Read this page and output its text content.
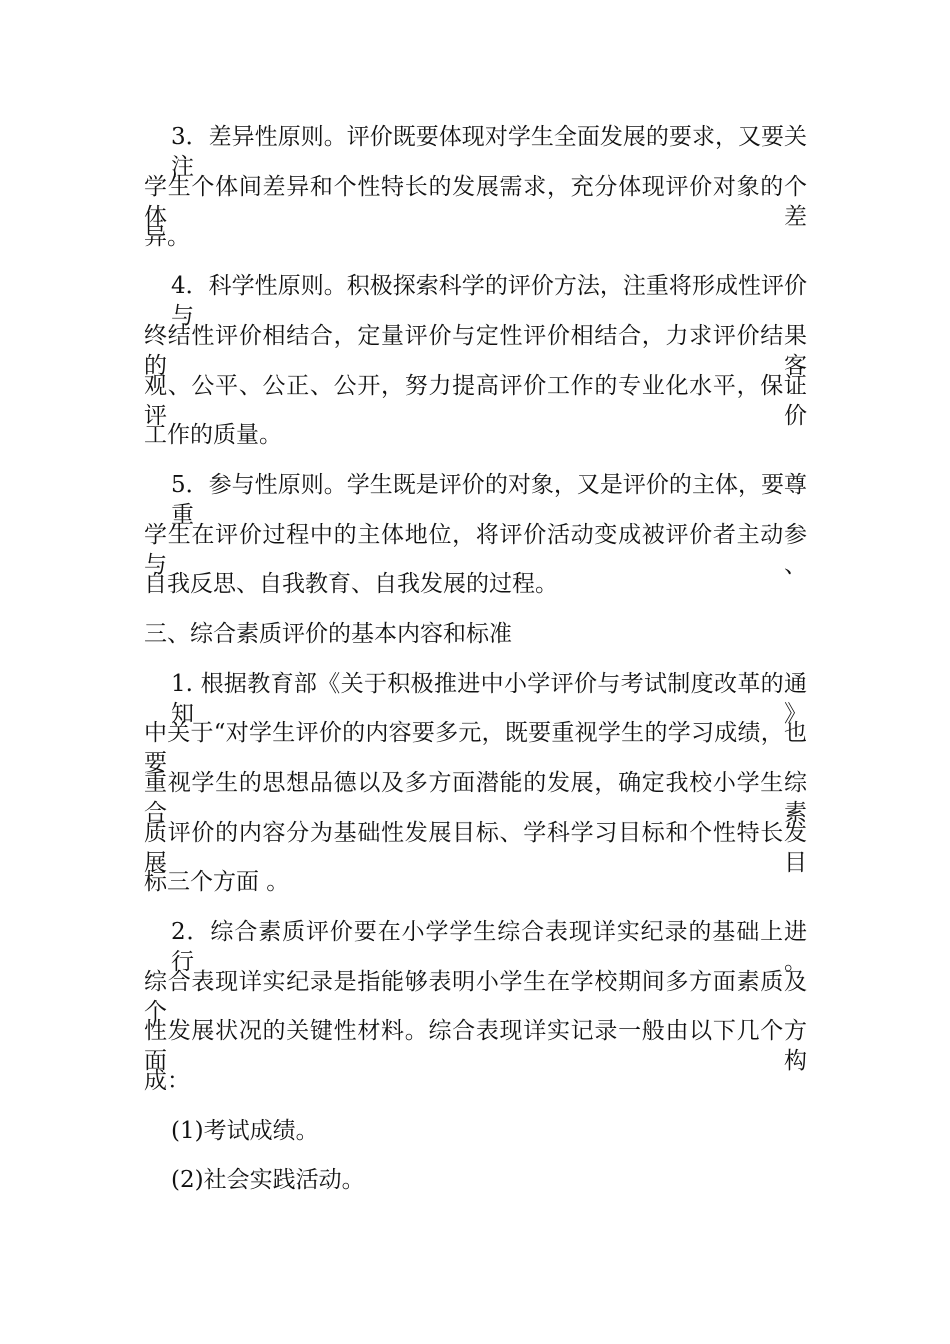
3．差异性原则。评价既要体现对学生全面发展的要求，又要关注
学生个体间差异和个性特长的发展需求，充分体现评价对象的个体差
异。
4．科学性原则。积极探索科学的评价方法，注重将形成性评价与
终结性评价相结合，定量评价与定性评价相结合，力求评价结果的客
观、公平、公正、公开，努力提高评价工作的专业化水平，保证评价
工作的质量。
5．参与性原则。学生既是评价的对象，又是评价的主体，要尊重
学生在评价过程中的主体地位，将评价活动变成被评价者主动参与、
自我反思、自我教育、自我发展的过程。
三、综合素质评价的基本内容和标准
1. 根据教育部《关于积极推进中小学评价与考试制度改革的通知》
中关于“对学生评价的内容要多元，既要重视学生的学习成绩，也要
重视学生的思想品德以及多方面潜能的发展，确定我校小学生综合素
质评价的内容分为基础性发展目标、学科学习目标和个性特长发展目
标三个方面 。
2．综合素质评价要在小学学生综合表现详实纪录的基础上进行。
综合表现详实纪录是指能够表明小学生在学校期间多方面素质及个
性发展状况的关键性材料。综合表现详实记录一般由以下几个方面构
成：
(1)考试成绩。
(2)社会实践活动。
